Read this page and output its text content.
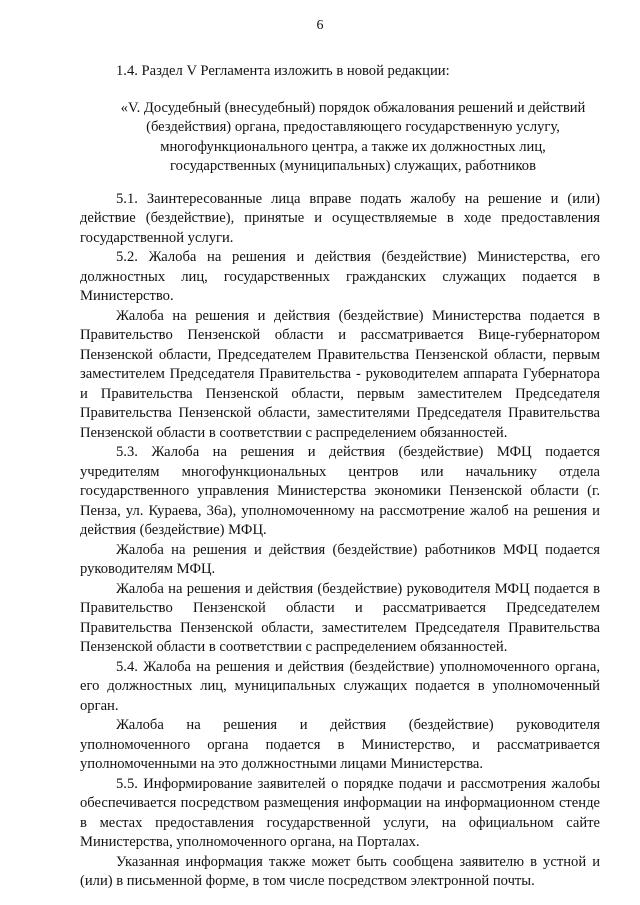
6

1.4. Раздел V Регламента изложить в новой редакции:

«V. Досудебный (внесудебный) порядок обжалования решений и действий (бездействия) органа, предоставляющего государственную услугу, многофункционального центра, а также их должностных лиц, государственных (муниципальных) служащих, работников

5.1. Заинтересованные лица вправе подать жалобу на решение и (или) действие (бездействие), принятые и осуществляемые в ходе предоставления государственной услуги.

5.2. Жалоба на решения и действия (бездействие) Министерства, его должностных лиц, государственных гражданских служащих подается в Министерство.

Жалоба на решения и действия (бездействие) Министерства подается в Правительство Пензенской области и рассматривается Вице-губернатором Пензенской области, Председателем Правительства Пензенской области, первым заместителем Председателя Правительства - руководителем аппарата Губернатора и Правительства Пензенской области, первым заместителем Председателя Правительства Пензенской области, заместителями Председателя Правительства Пензенской области в соответствии с распределением обязанностей.

5.3. Жалоба на решения и действия (бездействие) МФЦ подается учредителям многофункциональных центров или начальнику отдела государственного управления Министерства экономики Пензенской области (г. Пенза, ул. Кураева, 36а), уполномоченному на рассмотрение жалоб на решения и действия (бездействие) МФЦ.

Жалоба на решения и действия (бездействие) работников МФЦ подается руководителям МФЦ.

Жалоба на решения и действия (бездействие) руководителя МФЦ подается в Правительство Пензенской области и рассматривается Председателем Правительства Пензенской области, заместителем Председателя Правительства Пензенской области в соответствии с распределением обязанностей.

5.4. Жалоба на решения и действия (бездействие) уполномоченного органа, его должностных лиц, муниципальных служащих подается в уполномоченный орган.

Жалоба на решения и действия (бездействие) руководителя уполномоченного органа подается в Министерство, и рассматривается уполномоченными на это должностными лицами Министерства.

5.5. Информирование заявителей о порядке подачи и рассмотрения жалобы обеспечивается посредством размещения информации на информационном стенде в местах предоставления государственной услуги, на официальном сайте Министерства, уполномоченного органа, на Порталах.

Указанная информация также может быть сообщена заявителю в устной и (или) в письменной форме, в том числе посредством электронной почты.
